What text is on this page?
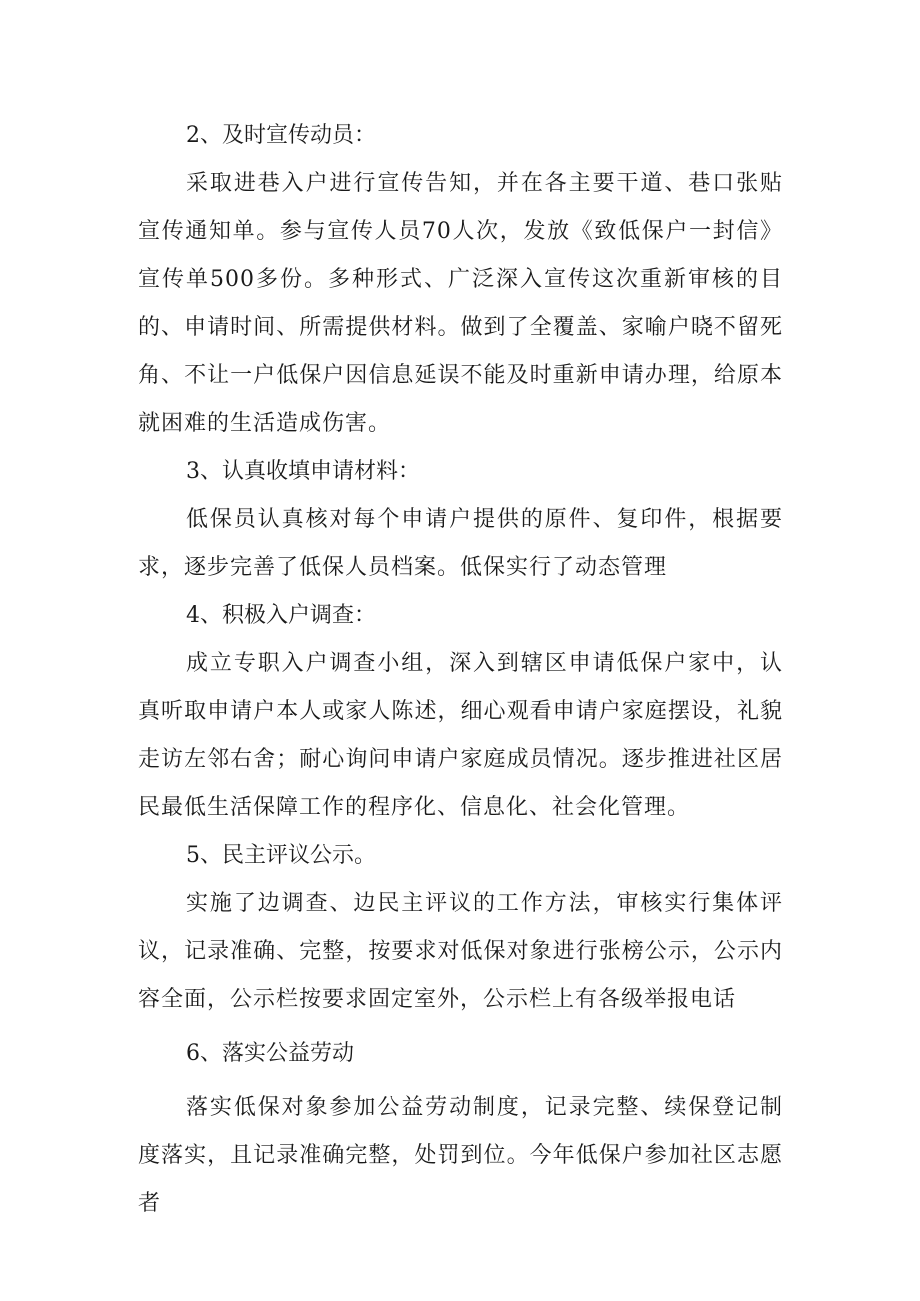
2、及时宣传动员：

采取进巷入户进行宣传告知，并在各主要干道、巷口张贴宣传通知单。参与宣传人员70人次，发放《致低保户一封信》宣传单500多份。多种形式、广泛深入宣传这次重新审核的目的、申请时间、所需提供材料。做到了全覆盖、家喻户晓不留死角、不让一户低保户因信息延误不能及时重新申请办理，给原本就困难的生活造成伤害。

3、认真收填申请材料：

低保员认真核对每个申请户提供的原件、复印件，根据要求，逐步完善了低保人员档案。低保实行了动态管理

4、积极入户调查：

成立专职入户调查小组，深入到辖区申请低保户家中，认真听取申请户本人或家人陈述，细心观看申请户家庭摆设，礼貌走访左邻右舍；耐心询问申请户家庭成员情况。逐步推进社区居民最低生活保障工作的程序化、信息化、社会化管理。

5、民主评议公示。

实施了边调查、边民主评议的工作方法，审核实行集体评议，记录准确、完整，按要求对低保对象进行张榜公示，公示内容全面，公示栏按要求固定室外，公示栏上有各级举报电话

6、落实公益劳动

落实低保对象参加公益劳动制度，记录完整、续保登记制度落实，且记录准确完整，处罚到位。今年低保户参加社区志愿者
